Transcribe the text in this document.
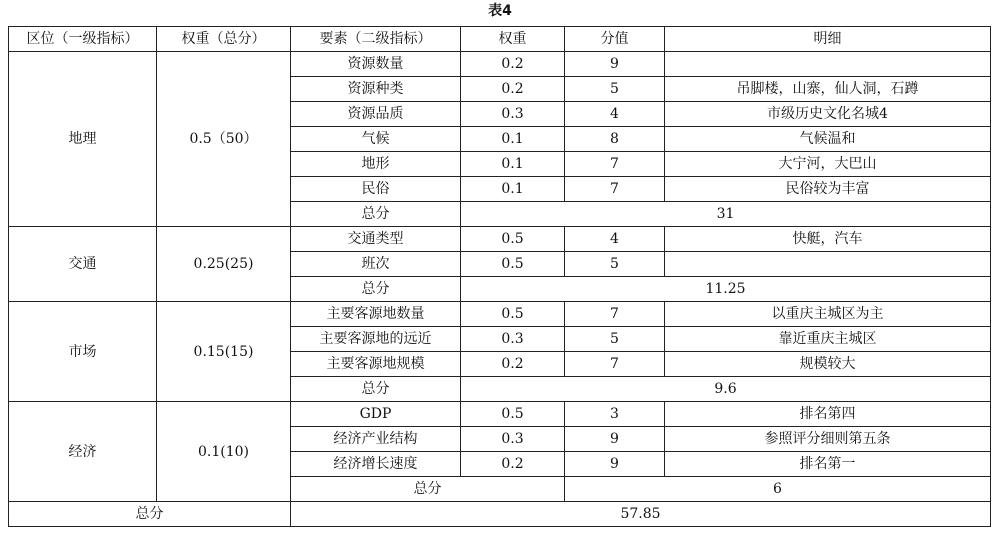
表4
区位（一级指标）	权重（总分）	要素（二级指标）	权重	分值	明细
地理	0.5（50）	资源数量	0.2	9	
		资源种类	0.2	5	吊脚楼，山寨，仙人洞，石蹲
		资源品质	0.3	4	市级历史文化名城4
		气候	0.1	8	气候温和
		地形	0.1	7	大宁河，大巴山
		民俗	0.1	7	民俗较为丰富
		总分	31		
交通	0.25(25)	交通类型	0.5	4	快艇，汽车
		班次	0.5	5	
		总分	11.25		
市场	0.15(15)	主要客源地数量	0.5	7	以重庆主城区为主
		主要客源地的远近	0.3	5	靠近重庆主城区
		主要客源地规模	0.2	7	规模较大
		总分	9.6		
经济	0.1(10)	GDP	0.5	3	排名第四
		经济产业结构	0.3	9	参照评分细则第五条
		经济增长速度	0.2	9	排名第一
		总分		6	
总分		57.85			
